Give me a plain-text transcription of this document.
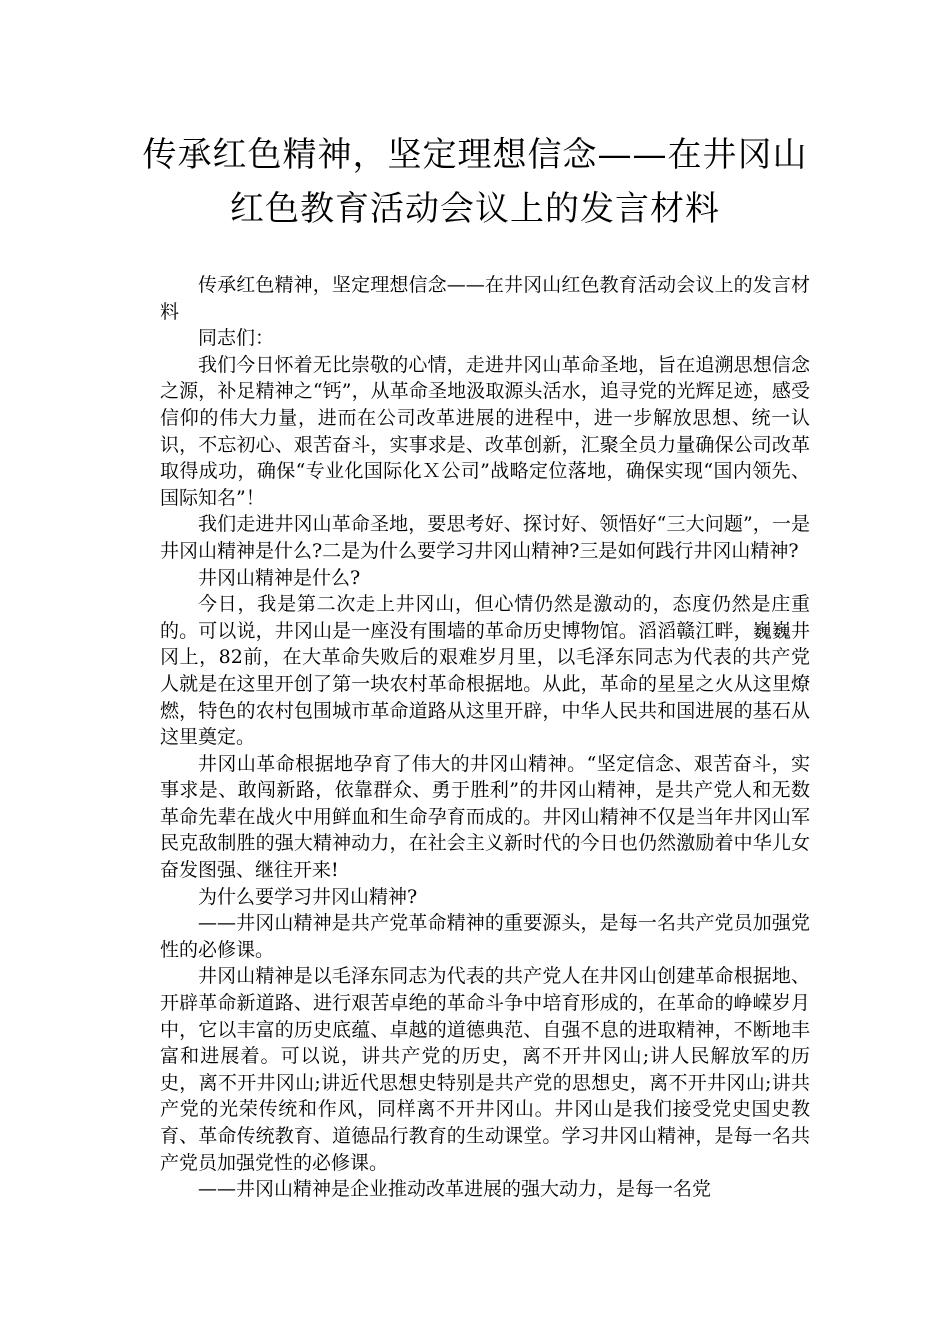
传承红色精神，坚定理想信念——在井冈山红色教育活动会议上的发言材料

传承红色精神，坚定理想信念——在井冈山红色教育活动会议上的发言材料

同志们：

我们今日怀着无比崇敬的心情，走进井冈山革命圣地，旨在追溯思想信念之源，补足精神之“钙”，从革命圣地汲取源头活水，追寻党的光辉足迹，感受信仰的伟大力量，进而在公司改革进展的进程中，进一步解放思想、统一认识，不忘初心、艰苦奋斗，实事求是、改革创新，汇聚全员力量确保公司改革取得成功，确保“专业化国际化Ｘ公司”战略定位落地，确保实现“国内领先、国际知名”！

我们走进井冈山革命圣地，要思考好、探讨好、领悟好“三大问题”，一是井冈山精神是什么?二是为什么要学习井冈山精神?三是如何践行井冈山精神?

井冈山精神是什么?

今日，我是第二次走上井冈山，但心情仍然是激动的，态度仍然是庄重的。可以说，井冈山是一座没有围墙的革命历史博物馆。滔滔赣江畔，巍巍井冈上，82前，在大革命失败后的艰难岁月里，以毛泽东同志为代表的共产党人就是在这里开创了第一块农村革命根据地。从此，革命的星星之火从这里燎燃，特色的农村包围城市革命道路从这里开辟，中华人民共和国进展的基石从这里奠定。

井冈山革命根据地孕育了伟大的井冈山精神。“坚定信念、艰苦奋斗，实事求是、敢闯新路，依靠群众、勇于胜利”的井冈山精神，是共产党人和无数革命先辈在战火中用鲜血和生命孕育而成的。井冈山精神不仅是当年井冈山军民克敌制胜的强大精神动力，在社会主义新时代的今日也仍然激励着中华儿女奋发图强、继往开来!

为什么要学习井冈山精神?

——井冈山精神是共产党革命精神的重要源头，是每一名共产党员加强党性的必修课。

井冈山精神是以毛泽东同志为代表的共产党人在井冈山创建革命根据地、开辟革命新道路、进行艰苦卓绝的革命斗争中培育形成的，在革命的峥嵘岁月中，它以丰富的历史底蕴、卓越的道德典范、自强不息的进取精神，不断地丰富和进展着。可以说，讲共产党的历史，离不开井冈山;讲人民解放军的历史，离不开井冈山;讲近代思想史特别是共产党的思想史，离不开井冈山;讲共产党的光荣传统和作风，同样离不开井冈山。井冈山是我们接受党史国史教育、革命传统教育、道德品行教育的生动课堂。学习井冈山精神，是每一名共产党员加强党性的必修课。

——井冈山精神是企业推动改革进展的强大动力，是每一名党
